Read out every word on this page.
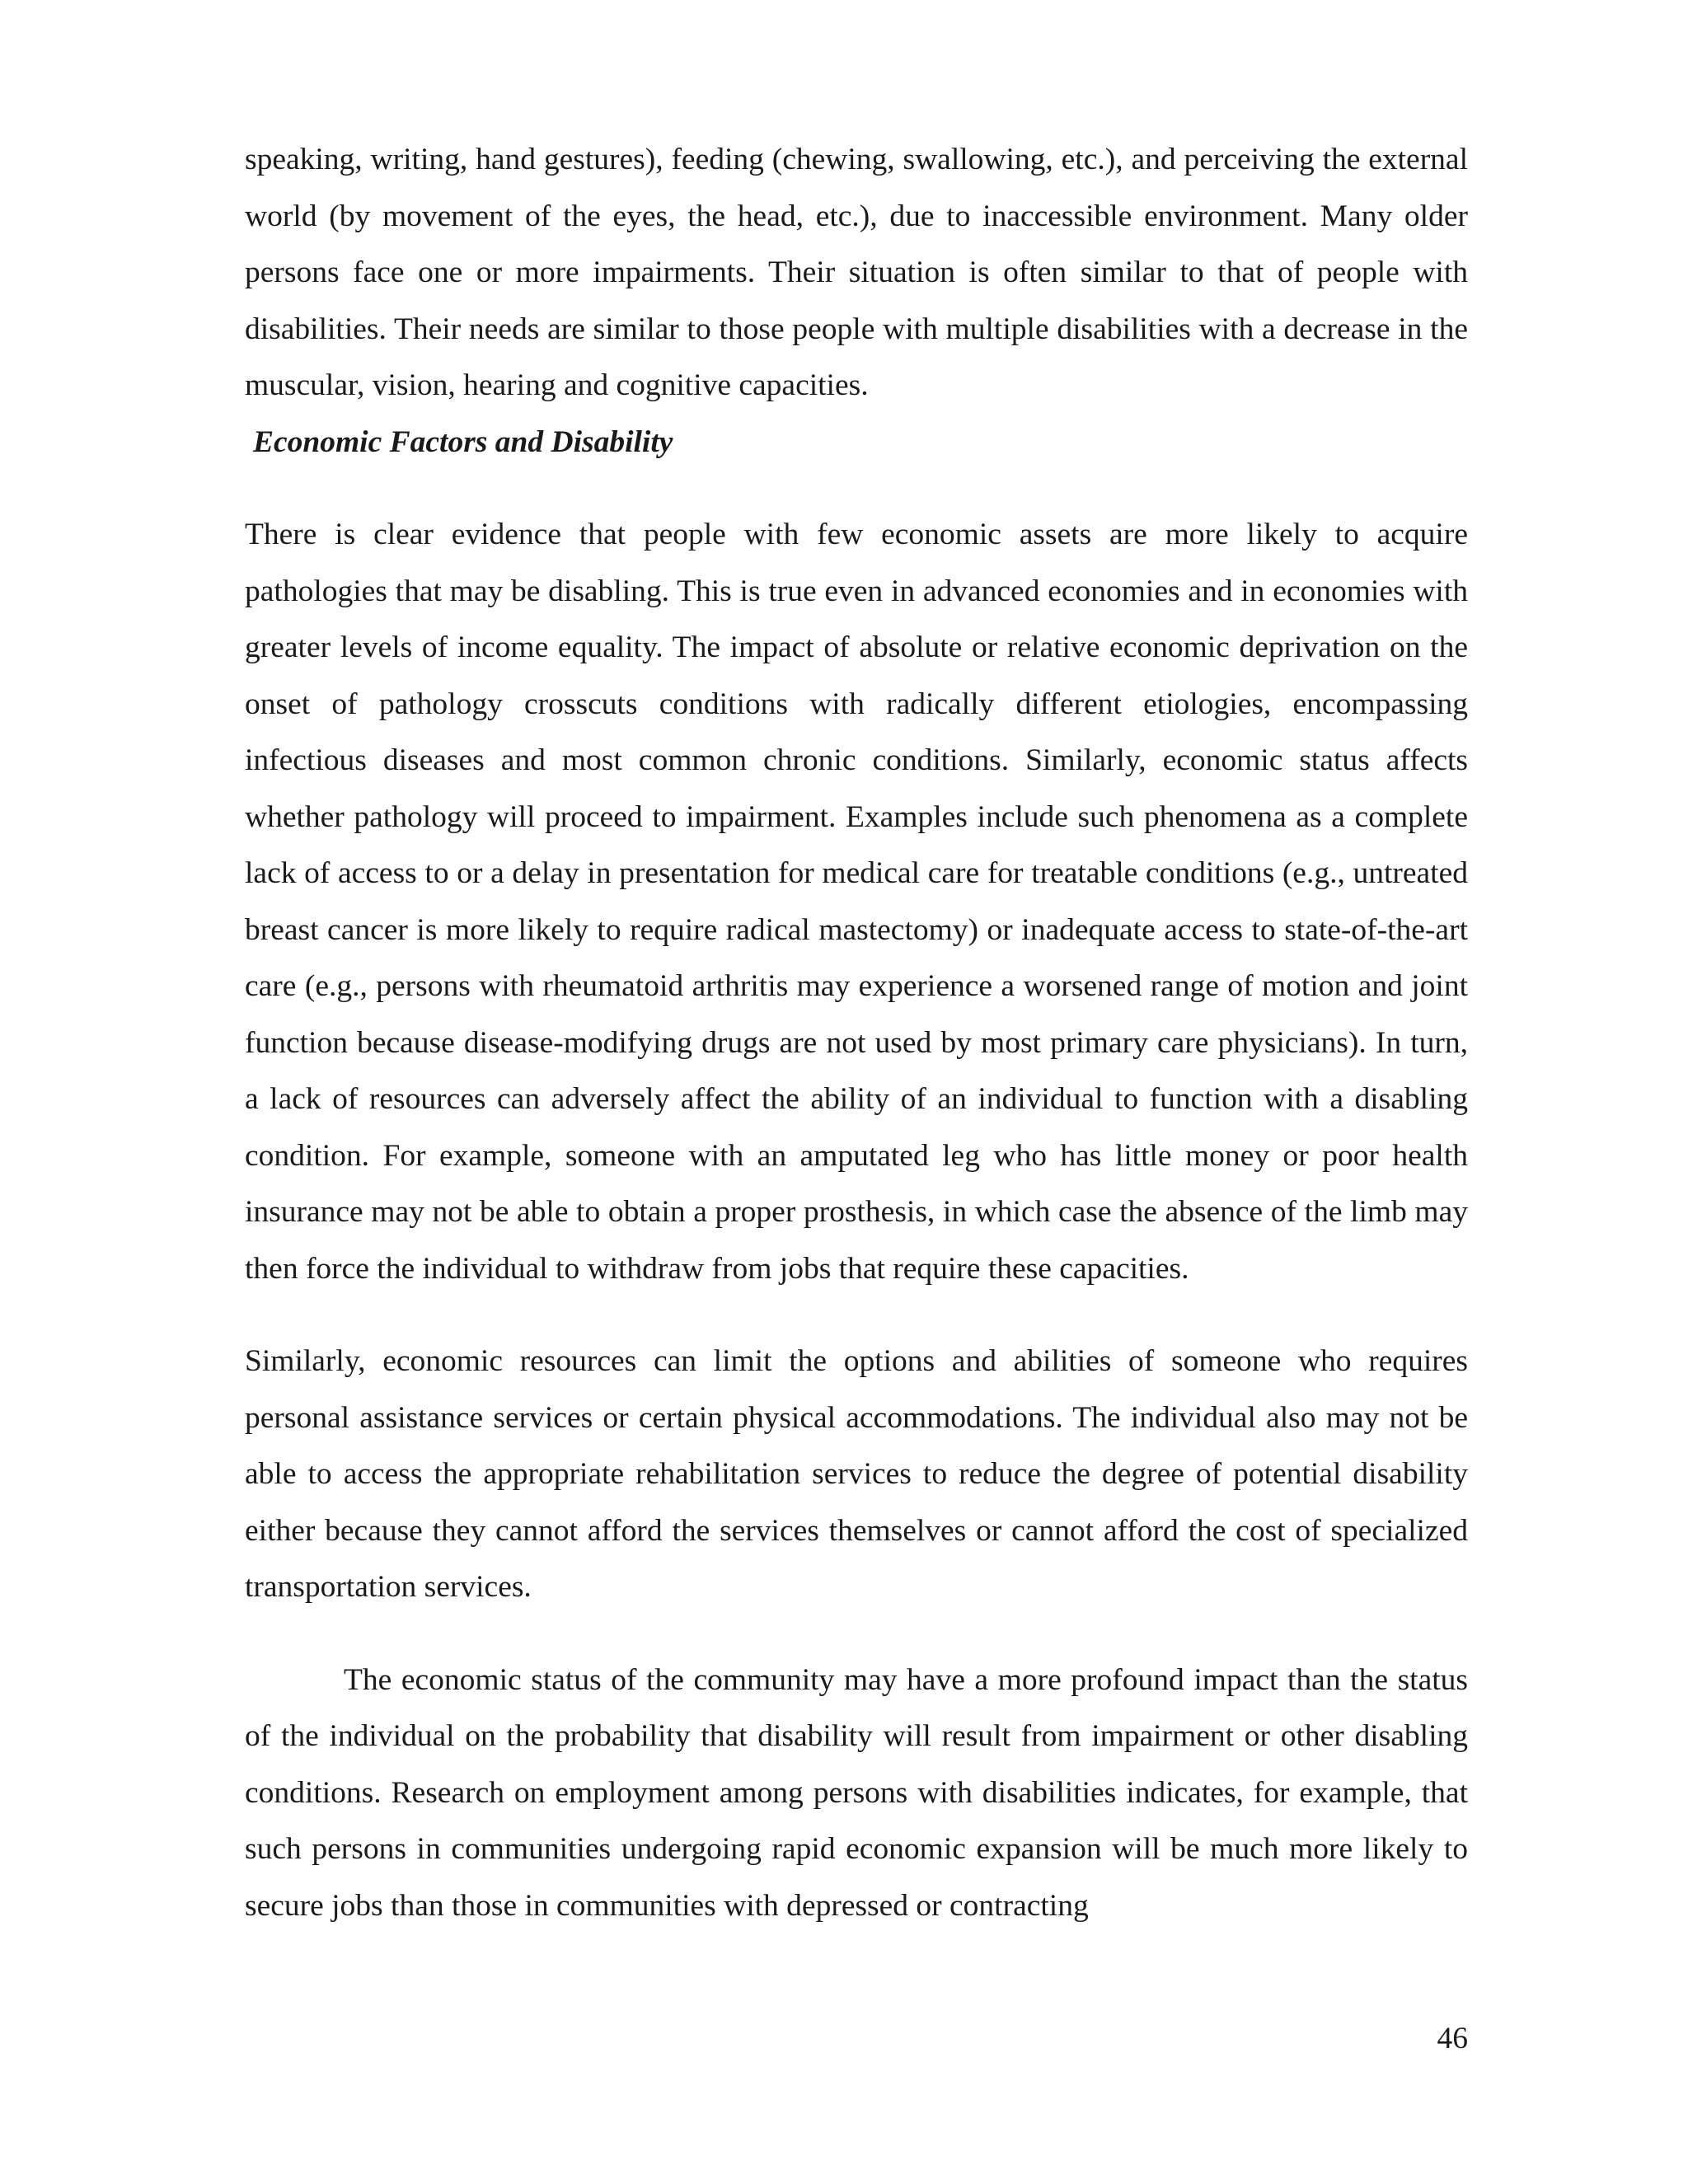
speaking, writing, hand gestures), feeding (chewing, swallowing, etc.), and perceiving the external world (by movement of the eyes, the head, etc.), due to inaccessible environment. Many older persons face one or more impairments. Their situation is often similar to that of people with disabilities. Their needs are similar to those people with multiple disabilities with a decrease in the muscular, vision, hearing and cognitive capacities.

Economic Factors and Disability

There is clear evidence that people with few economic assets are more likely to acquire pathologies that may be disabling. This is true even in advanced economies and in economies with greater levels of income equality. The impact of absolute or relative economic deprivation on the onset of pathology crosscuts conditions with radically different etiologies, encompassing infectious diseases and most common chronic conditions. Similarly, economic status affects whether pathology will proceed to impairment. Examples include such phenomena as a complete lack of access to or a delay in presentation for medical care for treatable conditions (e.g., untreated breast cancer is more likely to require radical mastectomy) or inadequate access to state-of-the-art care (e.g., persons with rheumatoid arthritis may experience a worsened range of motion and joint function because disease-modifying drugs are not used by most primary care physicians). In turn, a lack of resources can adversely affect the ability of an individual to function with a disabling condition. For example, someone with an amputated leg who has little money or poor health insurance may not be able to obtain a proper prosthesis, in which case the absence of the limb may then force the individual to withdraw from jobs that require these capacities.

Similarly, economic resources can limit the options and abilities of someone who requires personal assistance services or certain physical accommodations. The individual also may not be able to access the appropriate rehabilitation services to reduce the degree of potential disability either because they cannot afford the services themselves or cannot afford the cost of specialized transportation services.

The economic status of the community may have a more profound impact than the status of the individual on the probability that disability will result from impairment or other disabling conditions. Research on employment among persons with disabilities indicates, for example, that such persons in communities undergoing rapid economic expansion will be much more likely to secure jobs than those in communities with depressed or contracting

46
